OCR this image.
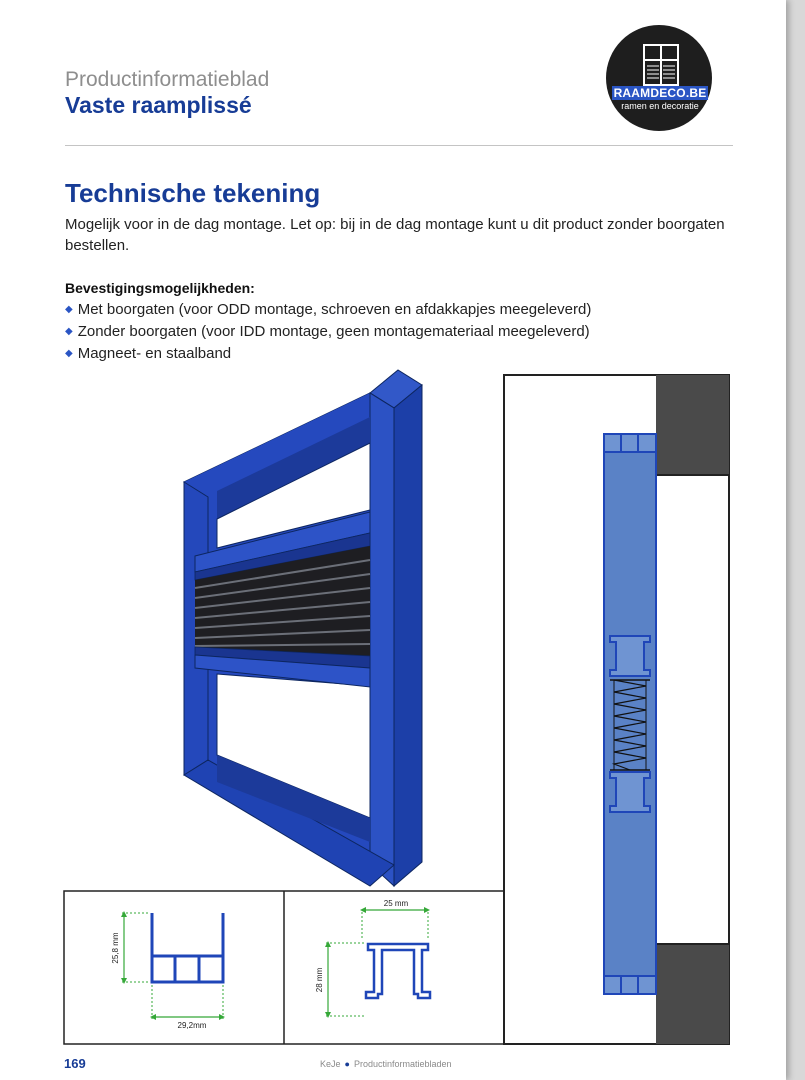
Productinformatieblad
Vaste raamplissé	RAAMDECO.BE
ramen en decoratie
Technische tekening
Mogelijk voor in de dag montage. Let op: bij in de dag montage kunt u dit product zonder boorgaten bestellen.
Bevestigingsmogelijkheden:
◆ Met boorgaten (voor ODD montage, schroeven en afdakkapjes meegeleverd)
◆ Zonder boorgaten (voor IDD montage, geen montagemateriaal meegeleverd)
◆ Magneet- en staalband
25,8 mm
29,2mm
25 mm
28 mm
169	KeJe ● Productinformatiebladen
